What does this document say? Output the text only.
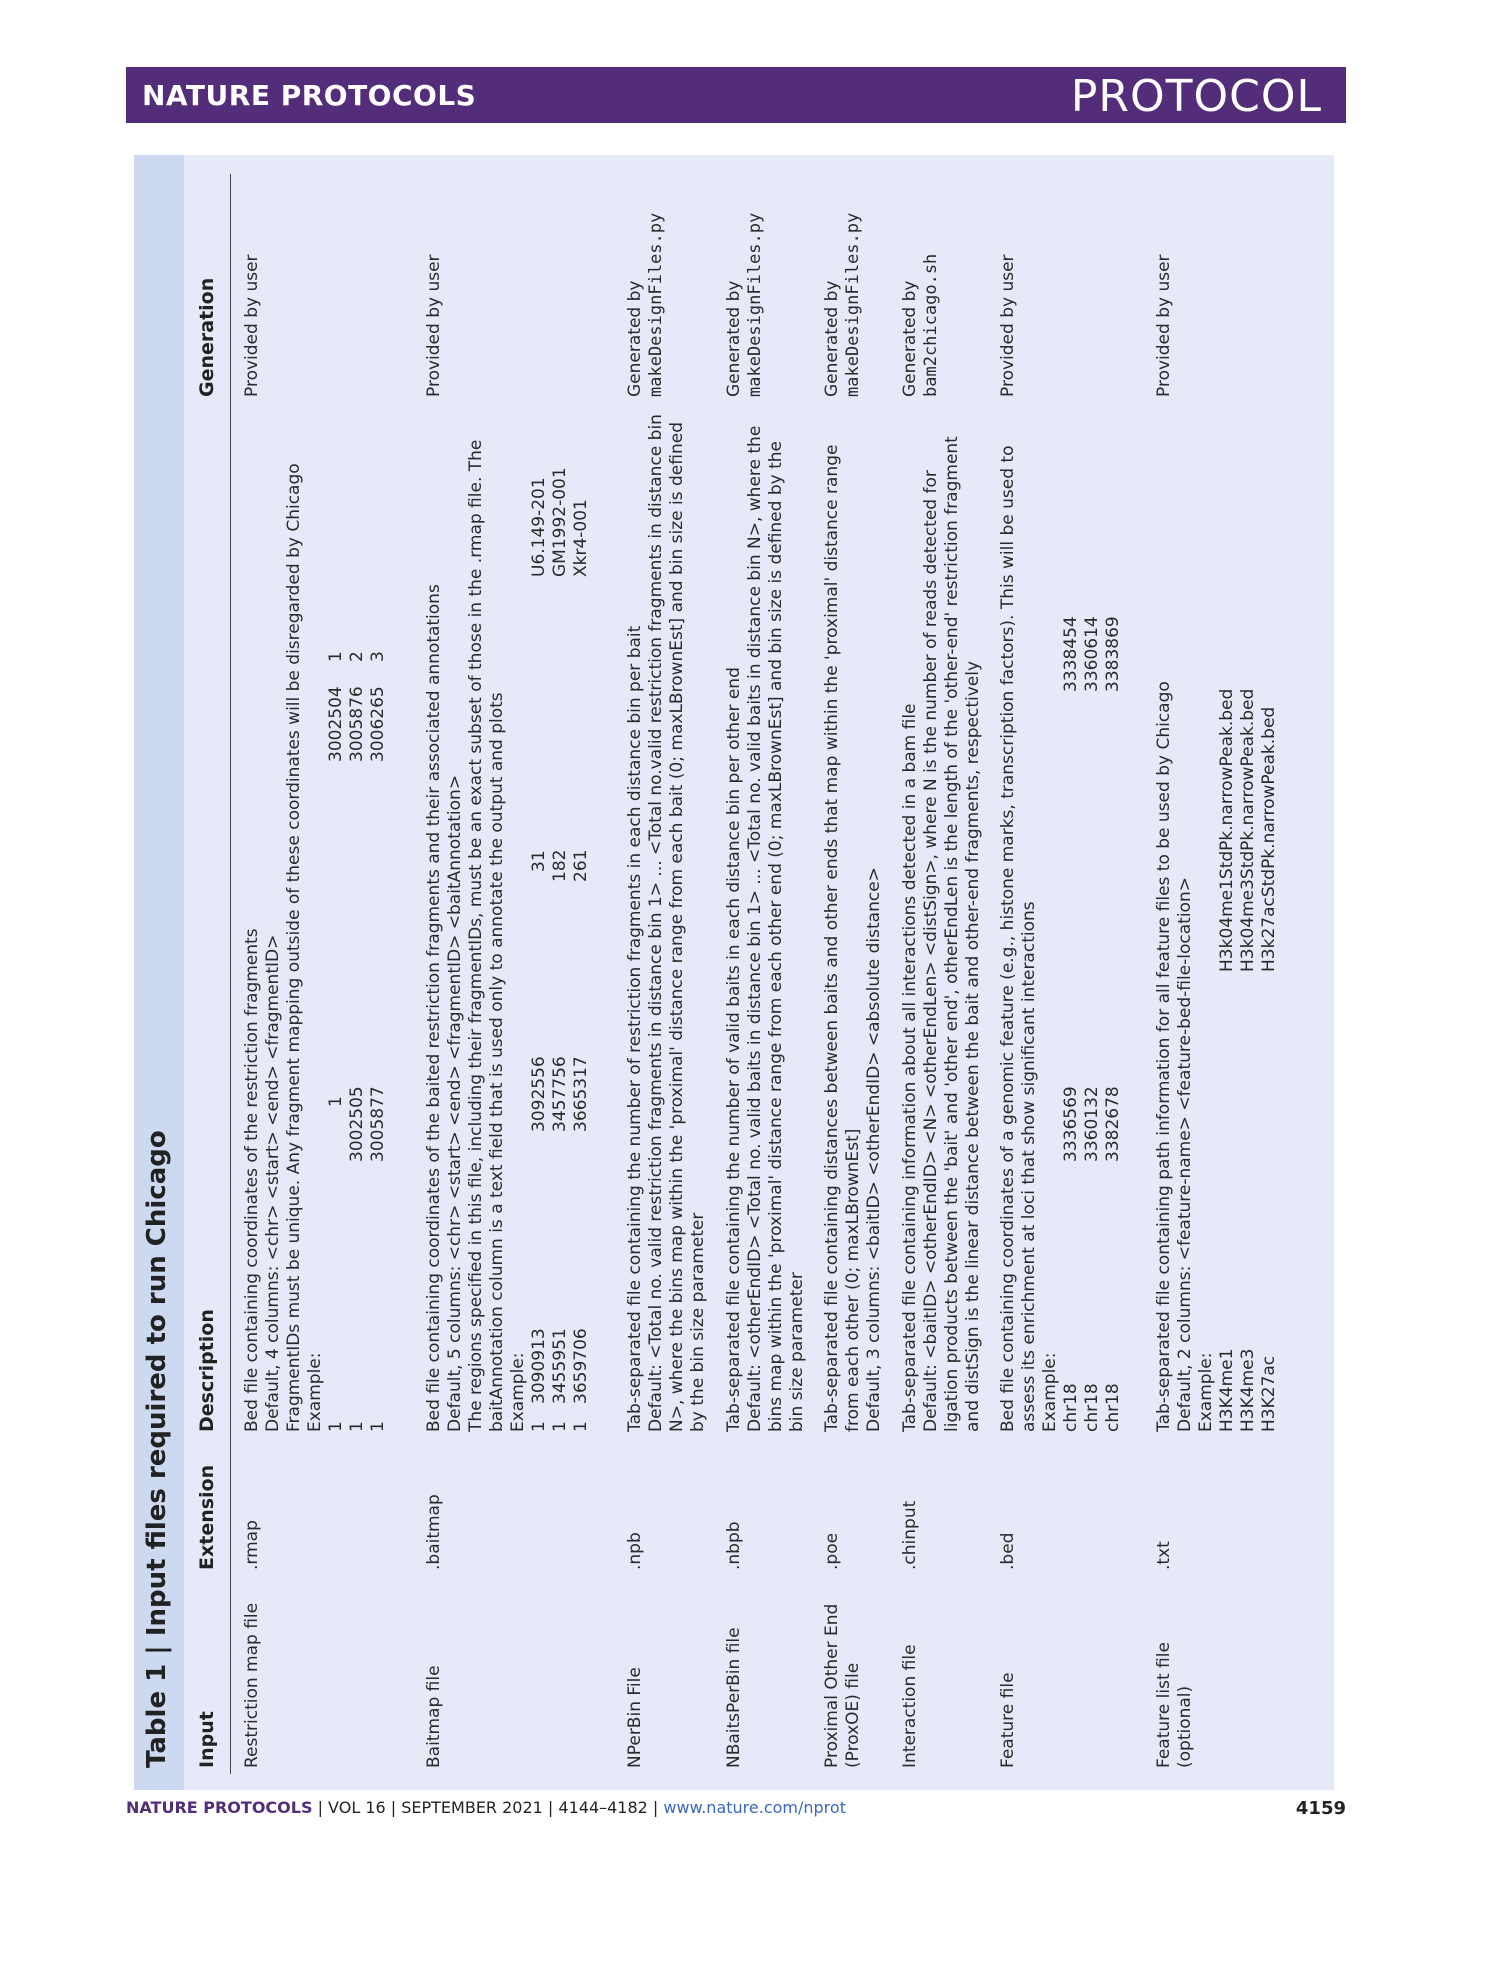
NATURE PROTOCOLS	PROTOCOL
Table 1 | Input files required to run Chicago Input
Extension
Description
Generation
Restriction map file
.rmap
Bed file containing coordinates of the restriction fragments Default, 4 columns: <chr> <start> <end> <fragmentID> FragmentIDs must be unique. Any fragment mapping outside of these coordinates will be disregarded by Chicago Example: 1
1
3002504
1
1
3002505
3005876
2
1
3005877
3006265
3
Provided by user
Baitmap file
.baitmap
Bed file containing coordinates of the baited restriction fragments and their associated annotations Default, 5 columns: <chr> <start> <end> <fragmentID> <baitAnnotation> The regions specified in this file, including their fragmentIDs, must be an exact subset of those in the .rmap file. The baitAnnotation column is a text field that is used only to annotate the output and plots Example: 1
3090913
3092556
31
U6.149-201
1
3455951
3457756
182
GM1992-001
1
3659706
3665317
261
Xkr4-001
Provided by user
NPerBin File
.npb
Tab-separated file containing the number of restriction fragments in each distance bin per bait Default: <Total no. valid restriction fragments in distance bin 1> ... <Total no.valid restriction fragments in distance bin N>, where the bins map within the 'proximal' distance range from each bait (0; maxLBrownEst] and bin size is defined by the bin size parameter
Generated by makeDesignFiles.py
NBaitsPerBin file
.nbpb
Tab-separated file containing the number of valid baits in each distance bin per other end Default: <otherEndID> <Total no. valid baits in distance bin 1> ... <Total no. valid baits in distance bin N>, where the bins map within the 'proximal' distance range from each other end (0; maxLBrownEst] and bin size is defined by the bin size parameter
Generated by makeDesignFiles.py
Proximal Other End (ProxOE) file
.poe
Tab-separated file containing distances between baits and other ends that map within the 'proximal' distance range from each other (0; maxLBrownEst] Default, 3 columns: <baitID> <otherEndID> <absolute distance>
Generated by makeDesignFiles.py
Interaction file
.chinput
Tab-separated file containing information about all interactions detected in a bam file Default: <baitID> <otherEndID> <N> <otherEndLen> <distSign>, where N is the number of reads detected for ligation products between the 'bait' and 'other end', otherEndLen is the length of the 'other-end' restriction fragment and distSign is the linear distance between the bait and other-end fragments, respectively
Generated by bam2chicago.sh
Feature file
.bed
Bed file containing coordinates of a genomic feature (e.g., histone marks, transcription factors). This will be used to assess its enrichment at loci that show significant interactions Example: chr18
3336569
3338454
chr18
3360132
3360614
chr18
3382678
3383869
Provided by user
Feature list file (optional)
.txt
Tab-separated file containing path information for all feature files to be used by Chicago Default, 2 columns: <feature-name> <feature-bed-file-location> Example: H3K4me1
H3k04me1StdPk.narrowPeak.bed
H3K4me3
H3k04me3StdPk.narrowPeak.bed
H3K27ac
H3k27acStdPk.narrowPeak.bed
Provided by user
NATURE PROTOCOLS | VOL 16 | SEPTEMBER 2021 | 4144–4182 | www.nature.com/nprot	4159
